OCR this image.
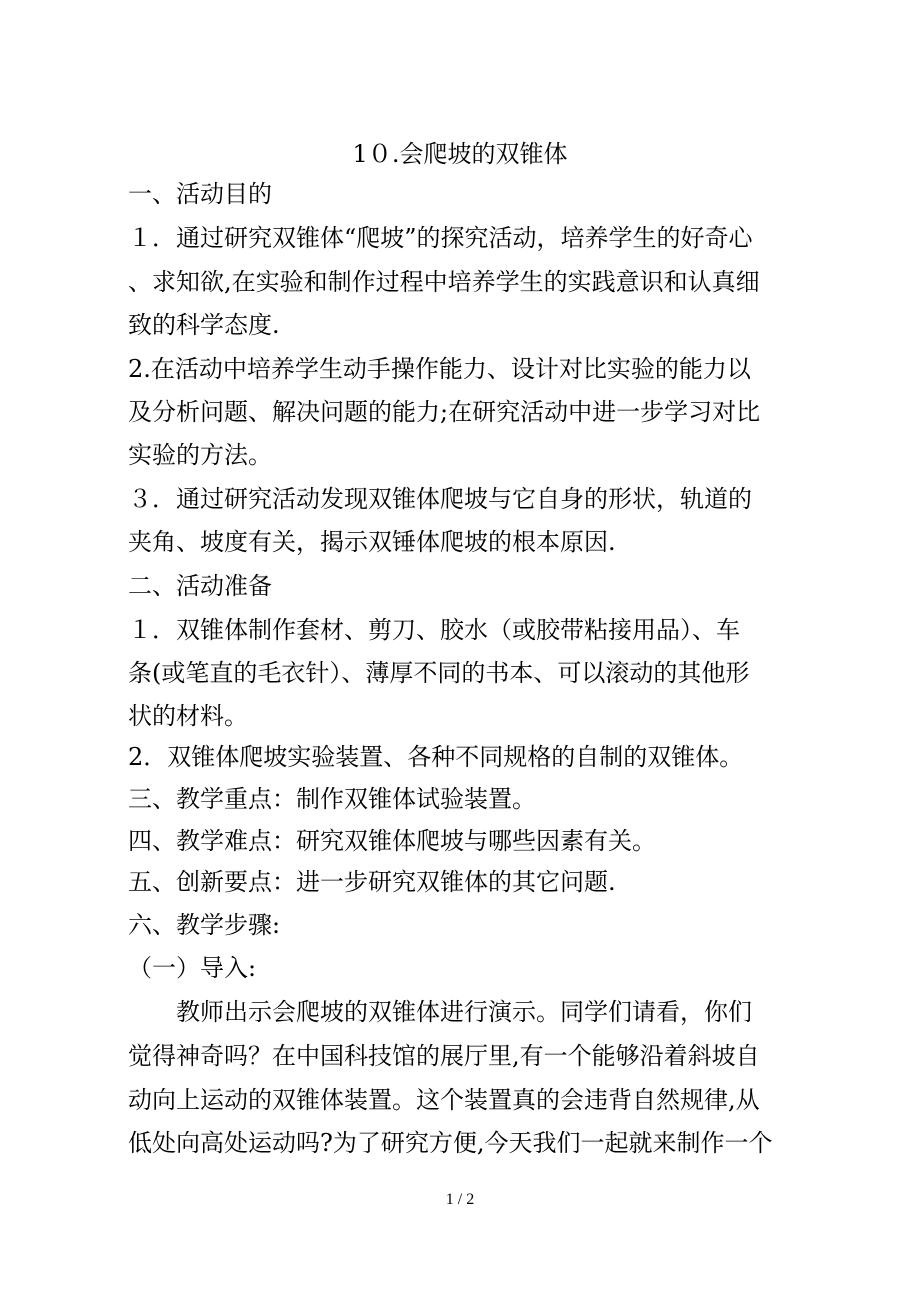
1０.会爬坡的双锥体
一、活动目的
１．通过研究双锥体“爬坡”的探究活动，培养学生的好奇心
、求知欲,在实验和制作过程中培养学生的实践意识和认真细
致的科学态度.
2.在活动中培养学生动手操作能力、设计对比实验的能力以
及分析问题、解决问题的能力;在研究活动中进一步学习对比
实验的方法。
３．通过研究活动发现双锥体爬坡与它自身的形状，轨道的
夹角、坡度有关，揭示双锤体爬坡的根本原因.
二、活动准备
１．双锥体制作套材、剪刀、胶水（或胶带粘接用品）、车
条(或笔直的毛衣针）、薄厚不同的书本、可以滚动的其他形
状的材料。
2．双锥体爬坡实验装置、各种不同规格的自制的双锥体。
三、教学重点：制作双锥体试验装置。
四、教学难点：研究双锥体爬坡与哪些因素有关。
五、创新要点：进一步研究双锥体的其它问题.
六、教学步骤:
（一）导入:
教师出示会爬坡的双锥体进行演示。同学们请看，你们
觉得神奇吗？在中国科技馆的展厅里,有一个能够沿着斜坡自
动向上运动的双锥体装置。这个装置真的会违背自然规律,从
低处向高处运动吗?为了研究方便,今天我们一起就来制作一个
1 / 2
